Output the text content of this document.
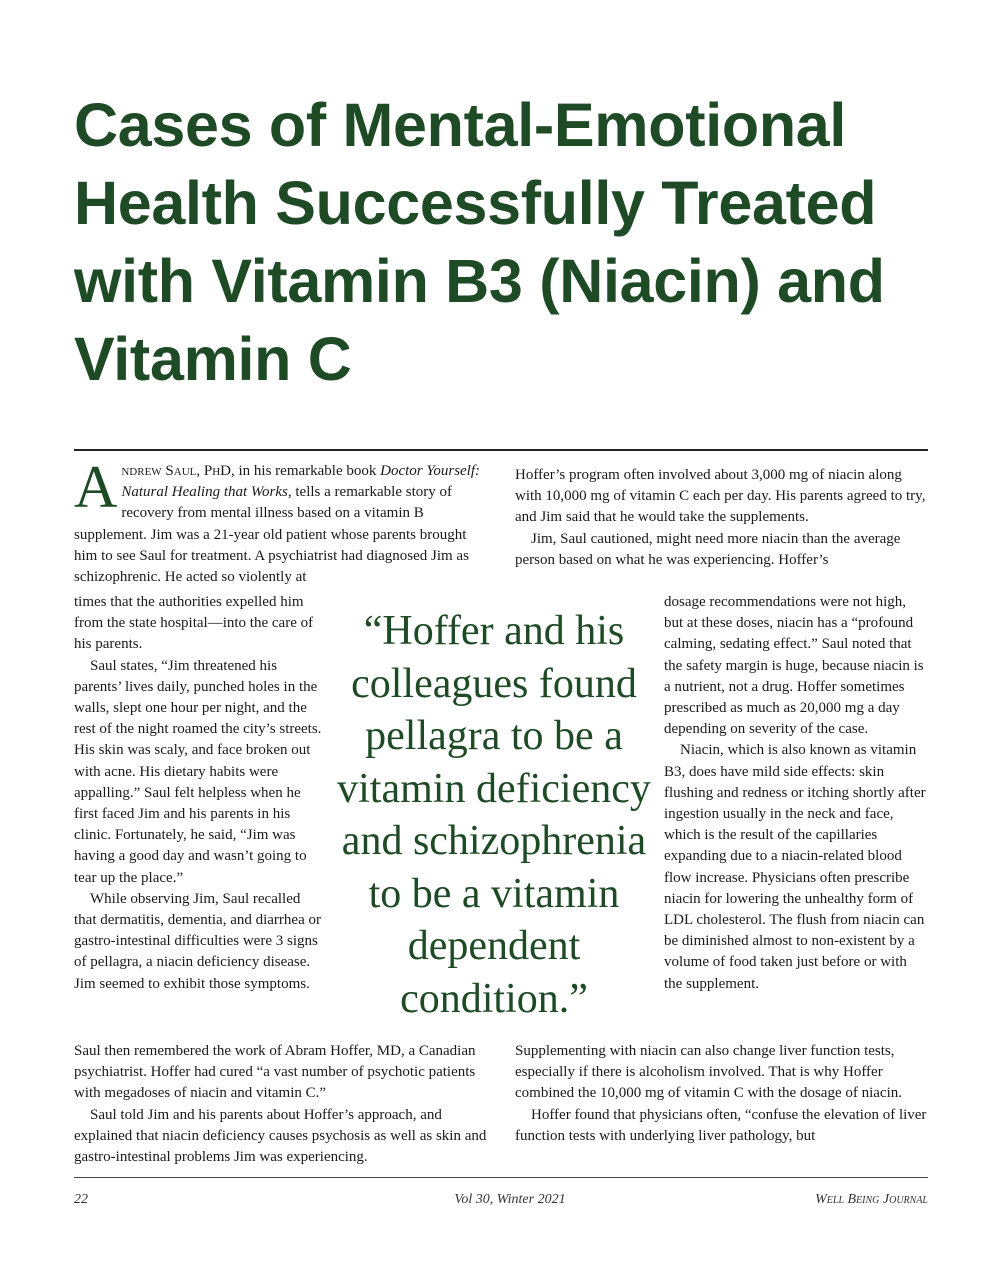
Cases of Mental-Emotional
Health Successfully Treated
with Vitamin B3 (Niacin) and
Vitamin C

Andrew Saul, PhD, in his remarkable book Doctor Yourself: Natural Healing that Works, tells a remarkable story of recovery from mental illness based on a vitamin B supplement. Jim was a 21-year old patient whose parents brought him to see Saul for treatment. A psychiatrist had diagnosed Jim as schizophrenic. He acted so violently at

times that the authorities expelled him from the state hospital—into the care of his parents.

Saul states, “Jim threatened his parents’ lives daily, punched holes in the walls, slept one hour per night, and the rest of the night roamed the city’s streets. His skin was scaly, and face broken out with acne. His dietary habits were appalling.” Saul felt helpless when he first faced Jim and his parents in his clinic. Fortunately, he said, “Jim was having a good day and wasn’t going to tear up the place.”

While observing Jim, Saul recalled that dermatitis, dementia, and diarrhea or gastro-intestinal difficulties were 3 signs of pellagra, a niacin deficiency disease. Jim seemed to exhibit those symptoms.

Saul then remembered the work of Abram Hoffer, MD, a Canadian psychiatrist. Hoffer had cured “a vast number of psychotic patients with megadoses of niacin and vitamin C.”

Saul told Jim and his parents about Hoffer’s approach, and explained that niacin deficiency causes psychosis as well as skin and gastro-intestinal problems Jim was experiencing.

Hoffer’s program often involved about 3,000 mg of niacin along with 10,000 mg of vitamin C each per day. His parents agreed to try, and Jim said that he would take the supplements.

Jim, Saul cautioned, might need more niacin than the average person based on what he was experiencing. Hoffer’s

dosage recommendations were not high, but at these doses, niacin has a “profound calming, sedating effect.” Saul noted that the safety margin is huge, because niacin is a nutrient, not a drug. Hoffer sometimes prescribed as much as 20,000 mg a day depending on severity of the case.

Niacin, which is also known as vitamin B3, does have mild side effects: skin flushing and redness or itching shortly after ingestion usually in the neck and face, which is the result of the capillaries expanding due to a niacin-related blood flow increase. Physicians often prescribe niacin for lowering the unhealthy form of LDL cholesterol. The flush from niacin can be diminished almost to non-existent by a volume of food taken just before or with the supplement.

Supplementing with niacin can also change liver function tests, especially if there is alcoholism involved. That is why Hoffer combined the 10,000 mg of vitamin C with the dosage of niacin.

Hoffer found that physicians often, “confuse the elevation of liver function tests with underlying liver pathology, but

“Hoffer and his
colleagues found
pellagra to be a
vitamin deficiency
and schizophrenia
to be a vitamin
dependent
condition.”
22	Vol 30, Winter 2021	Well Being Journal
